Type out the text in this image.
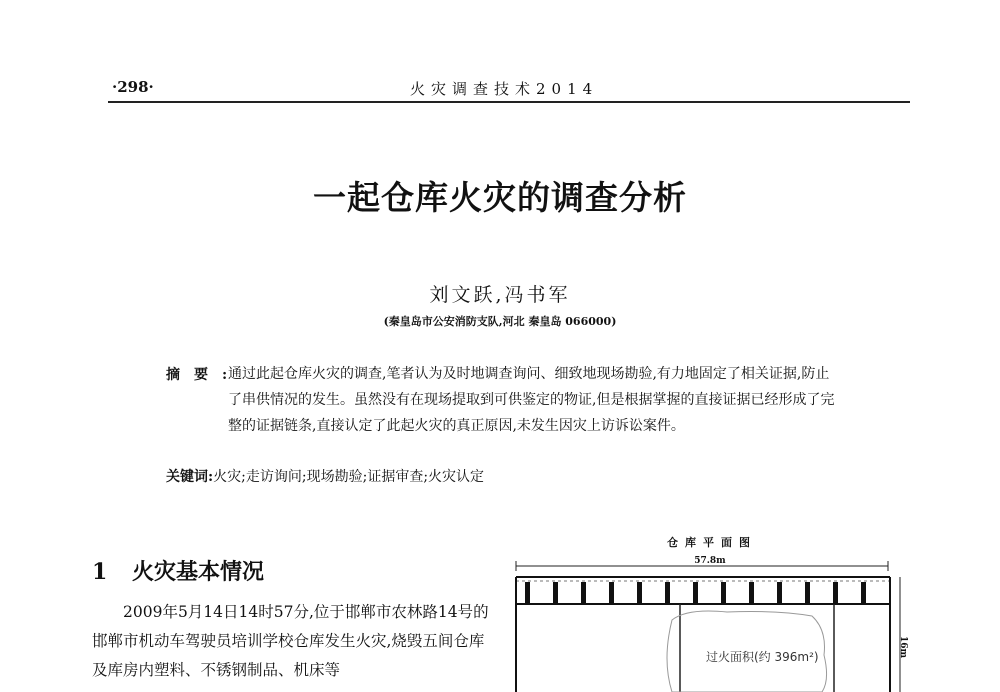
·298·	火灾调查技术2014
一起仓库火灾的调查分析
刘文跃,冯书军
(秦皇岛市公安消防支队,河北 秦皇岛 066000)
摘要:
通过此起仓库火灾的调查,笔者认为及时地调查询问、细致地现场勘验,有力地固定了相关证据,防止了串供情况的发生。虽然没有在现场提取到可供鉴定的物证,但是根据掌握的直接证据已经形成了完整的证据链条,直接认定了此起火灾的真正原因,未发生因灾上访诉讼案件。
关键词:火灾;走访询问;现场勘验;证据审查;火灾认定
1 火灾基本情况
2009年5月14日14时57分,位于邯郸市农林路14号的邯郸市机动车驾驶员培训学校仓库发生火灾,烧毁五间仓库及库房内塑料、不锈钢制品、机床等
仓库平面图
57.8m
过火面积(约 396m²)	16m
